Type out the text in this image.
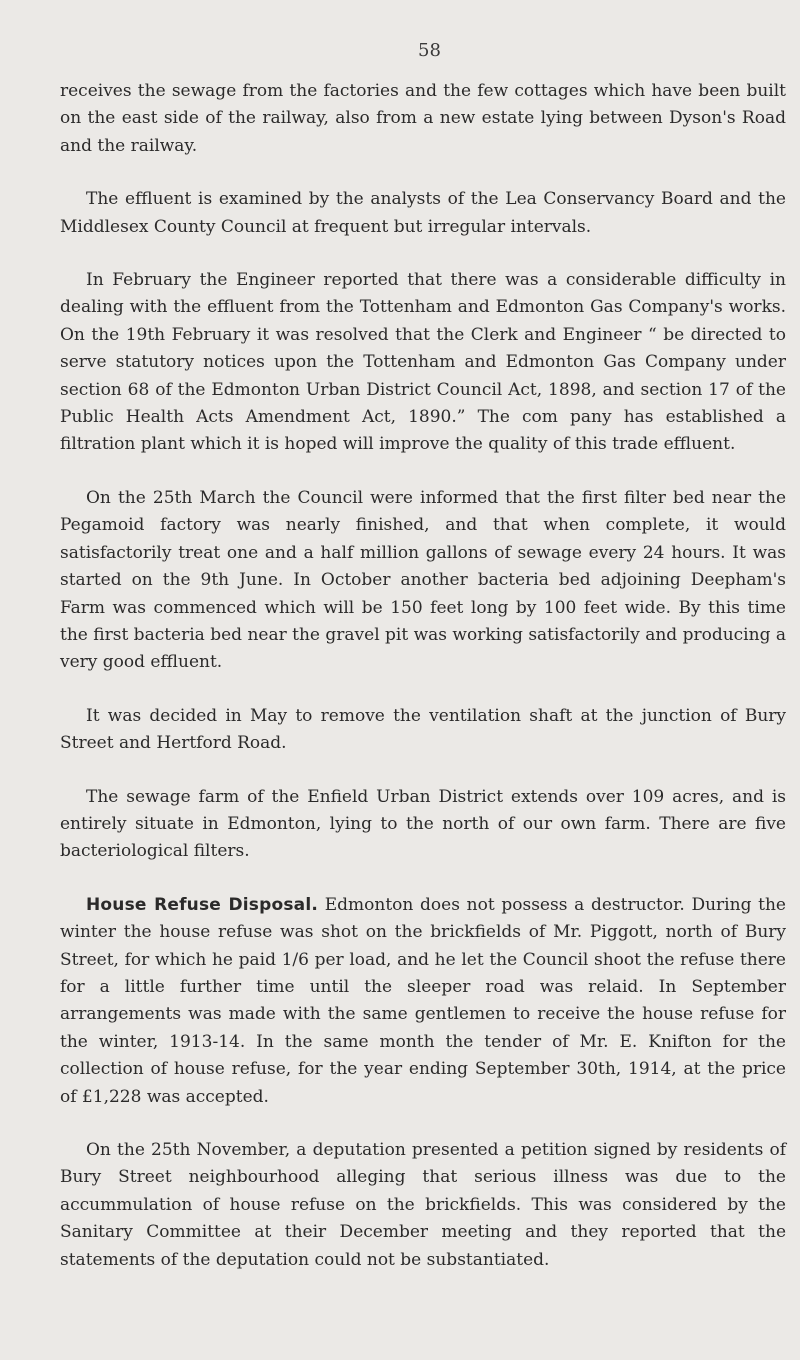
58

receives the sewage from the factories and the few cottages which have been built on the east side of the railway, also from a new estate lying between Dyson's Road and the railway.

The effluent is examined by the analysts of the Lea Conservancy Board and the Middlesex County Council at frequent but irregular intervals.

In February the Engineer reported that there was a considerable difficulty in dealing with the effluent from the Tottenham and Edmonton Gas Company's works. On the 19th February it was resolved that the Clerk and Engineer “ be directed to serve statutory notices upon the Tottenham and Edmonton Gas Company under section 68 of the Edmonton Urban District Council Act, 1898, and section 17 of the Public Health Acts Amendment Act, 1890.” The com pany has established a filtration plant which it is hoped will improve the quality of this trade effluent.

On the 25th March the Council were informed that the first filter bed near the Pegamoid factory was nearly finished, and that when complete, it would satisfactorily treat one and a half million gallons of sewage every 24 hours. It was started on the 9th June. In October another bacteria bed adjoining Deepham's Farm was commenced which will be 150 feet long by 100 feet wide. By this time the first bacteria bed near the gravel pit was working satisfactorily and producing a very good effluent.

It was decided in May to remove the ventilation shaft at the junction of Bury Street and Hertford Road.

The sewage farm of the Enfield Urban District extends over 109 acres, and is entirely situate in Edmonton, lying to the north of our own farm. There are five bacteriological filters.

House Refuse Disposal. Edmonton does not possess a destructor. During the winter the house refuse was shot on the brickfields of Mr. Piggott, north of Bury Street, for which he paid 1/6 per load, and he let the Council shoot the refuse there for a little further time until the sleeper road was relaid. In September arrangements was made with the same gentlemen to receive the house refuse for the winter, 1913-14. In the same month the tender of Mr. E. Knifton for the collection of house refuse, for the year ending September 30th, 1914, at the price of £1,228 was accepted.

On the 25th November, a deputation presented a petition signed by residents of Bury Street neighbourhood alleging that serious illness was due to the accummulation of house refuse on the brickfields. This was considered by the Sanitary Committee at their December meeting and they reported that the statements of the deputation could not be substantiated.
